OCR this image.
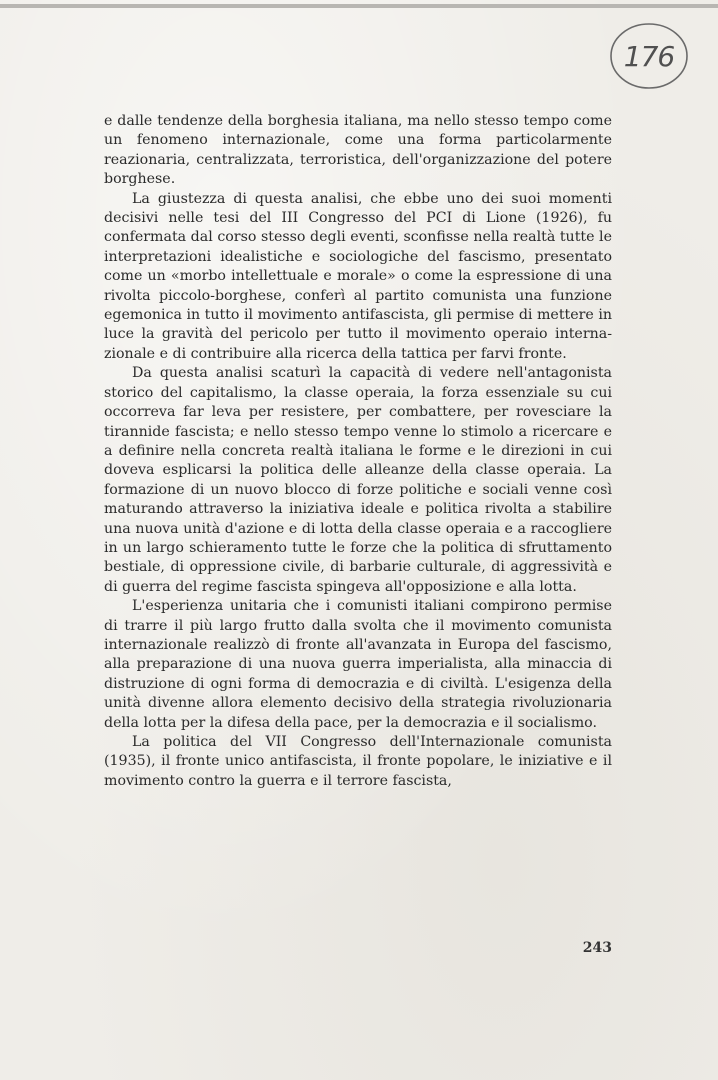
176

e dalle tendenze della borghesia italiana, ma nello stesso tempo come un fenomeno internazionale, come una forma particolarmente reazionaria, centralizzata, terroristica, dell'organizzazione del potere borghese.

La giustezza di questa analisi, che ebbe uno dei suoi momenti decisivi nelle tesi del III Congresso del PCI di Lione (1926), fu confermata dal corso stesso degli eventi, sconfisse nella realtà tutte le interpretazioni idealistiche e sociologiche del fascismo, presentato come un «morbo intellettuale e morale» o come la espressione di una rivolta piccolo-borghese, conferì al partito comunista una funzione egemonica in tutto il movimento antifascista, gli permise di mettere in luce la gravità del pericolo per tutto il movimento operaio internazionale e di contribuire alla ricerca della tattica per farvi fronte.

Da questa analisi scaturì la capacità di vedere nell'antagonista storico del capitalismo, la classe operaia, la forza essenziale su cui occorreva far leva per resistere, per combattere, per rovesciare la tirannide fascista; e nello stesso tempo venne lo stimolo a ricercare e a definire nella concreta realtà italiana le forme e le direzioni in cui doveva esplicarsi la politica delle alleanze della classe operaia. La formazione di un nuovo blocco di forze politiche e sociali venne così maturando attraverso la iniziativa ideale e politica rivolta a stabilire una nuova unità d'azione e di lotta della classe operaia e a raccogliere in un largo schieramento tutte le forze che la politica di sfruttamento bestiale, di oppressione civile, di barbarie culturale, di aggressività e di guerra del regime fascista spingeva all'opposizione e alla lotta.

L'esperienza unitaria che i comunisti italiani compirono permise di trarre il più largo frutto dalla svolta che il movimento comunista internazionale realizzò di fronte all'avanzata in Europa del fascismo, alla preparazione di una nuova guerra imperialista, alla minaccia di distruzione di ogni forma di democrazia e di civiltà. L'esigenza della unità divenne allora elemento decisivo della strategia rivoluzionaria della lotta per la difesa della pace, per la democrazia e il socialismo.

La politica del VII Congresso dell'Internazionale comunista (1935), il fronte unico antifascista, il fronte popolare, le iniziative e il movimento contro la guerra e il terrore fascista,

243
